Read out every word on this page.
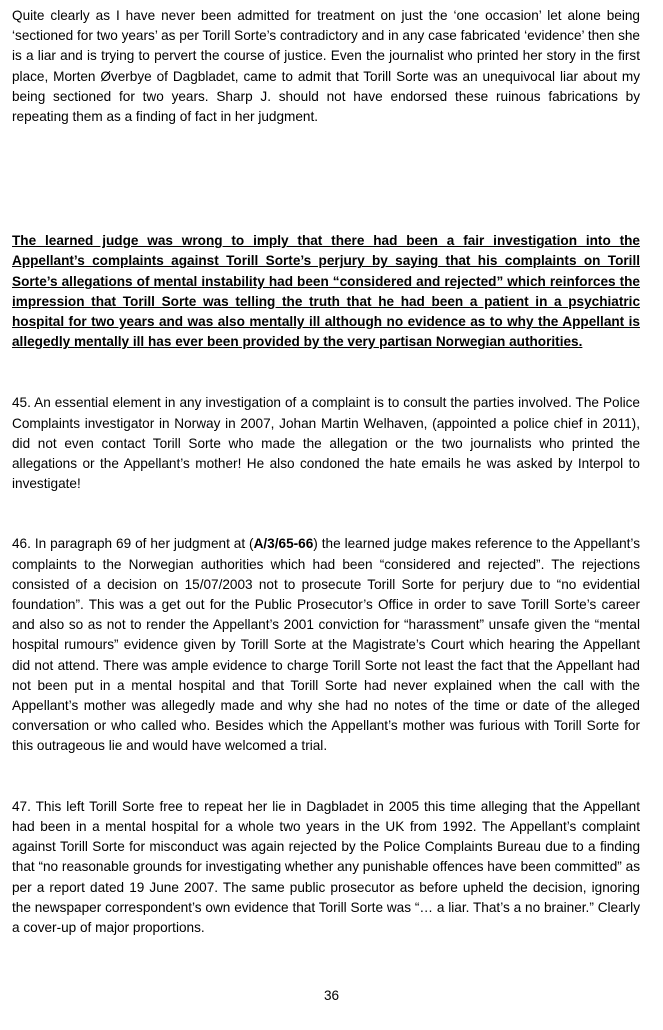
Quite clearly as I have never been admitted for treatment on just the ‘one occasion’ let alone being ‘sectioned for two years’ as per Torill Sorte’s contradictory and in any case fabricated ‘evidence’ then she is a liar and is trying to pervert the course of justice. Even the journalist who printed her story in the first place, Morten Øverbye of Dagbladet, came to admit that Torill Sorte was an unequivocal liar about my being sectioned for two years. Sharp J. should not have endorsed these ruinous fabrications by repeating them as a finding of fact in her judgment.

The learned judge was wrong to imply that there had been a fair investigation into the Appellant’s complaints against Torill Sorte’s perjury by saying that his complaints on Torill Sorte’s allegations of mental instability had been “considered and rejected” which reinforces the impression that Torill Sorte was telling the truth that he had been a patient in a psychiatric hospital for two years and was also mentally ill although no evidence as to why the Appellant is allegedly mentally ill has ever been provided by the very partisan Norwegian authorities.

45. An essential element in any investigation of a complaint is to consult the parties involved. The Police Complaints investigator in Norway in 2007, Johan Martin Welhaven, (appointed a police chief in 2011), did not even contact Torill Sorte who made the allegation or the two journalists who printed the allegations or the Appellant’s mother! He also condoned the hate emails he was asked by Interpol to investigate!

46. In paragraph 69 of her judgment at (A/3/65-66) the learned judge makes reference to the Appellant’s complaints to the Norwegian authorities which had been “considered and rejected”. The rejections consisted of a decision on 15/07/2003 not to prosecute Torill Sorte for perjury due to “no evidential foundation”. This was a get out for the Public Prosecutor’s Office in order to save Torill Sorte’s career and also so as not to render the Appellant’s 2001 conviction for “harassment” unsafe given the “mental hospital rumours” evidence given by Torill Sorte at the Magistrate’s Court which hearing the Appellant did not attend. There was ample evidence to charge Torill Sorte not least the fact that the Appellant had not been put in a mental hospital and that Torill Sorte had never explained when the call with the Appellant’s mother was allegedly made and why she had no notes of the time or date of the alleged conversation or who called who. Besides which the Appellant’s mother was furious with Torill Sorte for this outrageous lie and would have welcomed a trial.

47. This left Torill Sorte free to repeat her lie in Dagbladet in 2005 this time alleging that the Appellant had been in a mental hospital for a whole two years in the UK from 1992. The Appellant’s complaint against Torill Sorte for misconduct was again rejected by the Police Complaints Bureau due to a finding that “no reasonable grounds for investigating whether any punishable offences have been committed” as per a report dated 19 June 2007. The same public prosecutor as before upheld the decision, ignoring the newspaper correspondent’s own evidence that Torill Sorte was “… a liar. That’s a no brainer.” Clearly a cover-up of major proportions.

36
